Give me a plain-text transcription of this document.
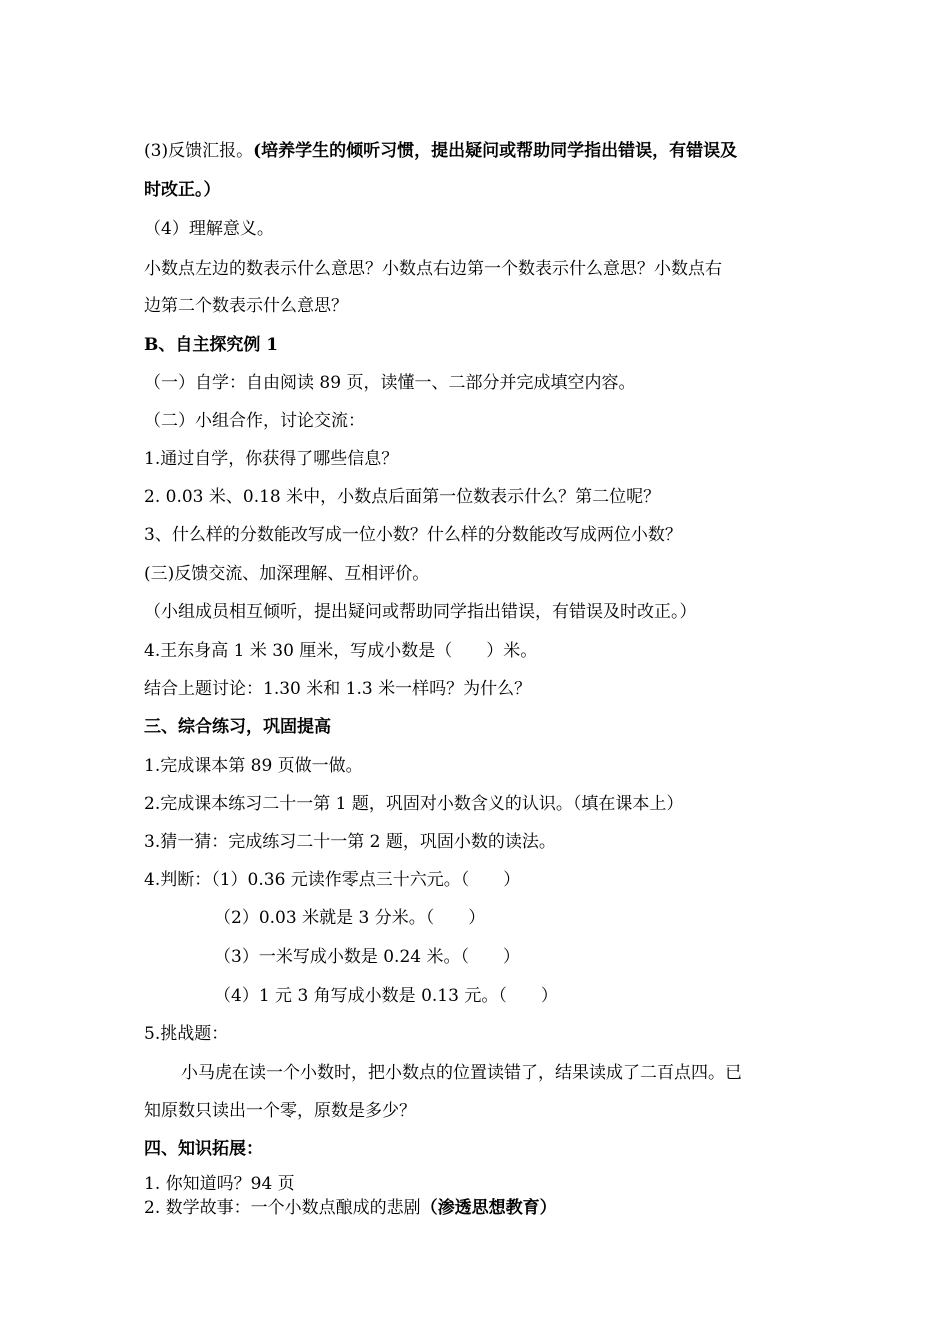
(3)反馈汇报。(培养学生的倾听习惯，提出疑问或帮助同学指出错误，有错误及
时改正。）
（4）理解意义。
小数点左边的数表示什么意思？小数点右边第一个数表示什么意思？小数点右
边第二个数表示什么意思？
B、自主探究例 1
（一）自学：自由阅读 89 页，读懂一、二部分并完成填空内容。
（二）小组合作，讨论交流：
1.通过自学，你获得了哪些信息？
2. 0.03 米、0.18 米中，小数点后面第一位数表示什么？第二位呢？
3、什么样的分数能改写成一位小数？什么样的分数能改写成两位小数？
(三)反馈交流、加深理解、互相评价。
（小组成员相互倾听，提出疑问或帮助同学指出错误，有错误及时改正。）
4.王东身高 1 米 30 厘米，写成小数是（　　）米。
结合上题讨论：1.30 米和 1.3 米一样吗？为什么？
三、综合练习，巩固提高
1.完成课本第 89 页做一做。
2.完成课本练习二十一第 1 题，巩固对小数含义的认识。（填在课本上）
3.猜一猜：完成练习二十一第 2 题，巩固小数的读法。
4.判断：（1）0.36 元读作零点三十六元。（　　）
（2）0.03 米就是 3 分米。（　　）
（3）一米写成小数是 0.24 米。（　　）
（4）1 元 3 角写成小数是 0.13 元。（　　）
5.挑战题：
小马虎在读一个小数时，把小数点的位置读错了，结果读成了二百点四。已
知原数只读出一个零，原数是多少？
四、知识拓展：
1. 你知道吗？94 页
2. 数学故事：一个小数点酿成的悲剧（渗透思想教育）
